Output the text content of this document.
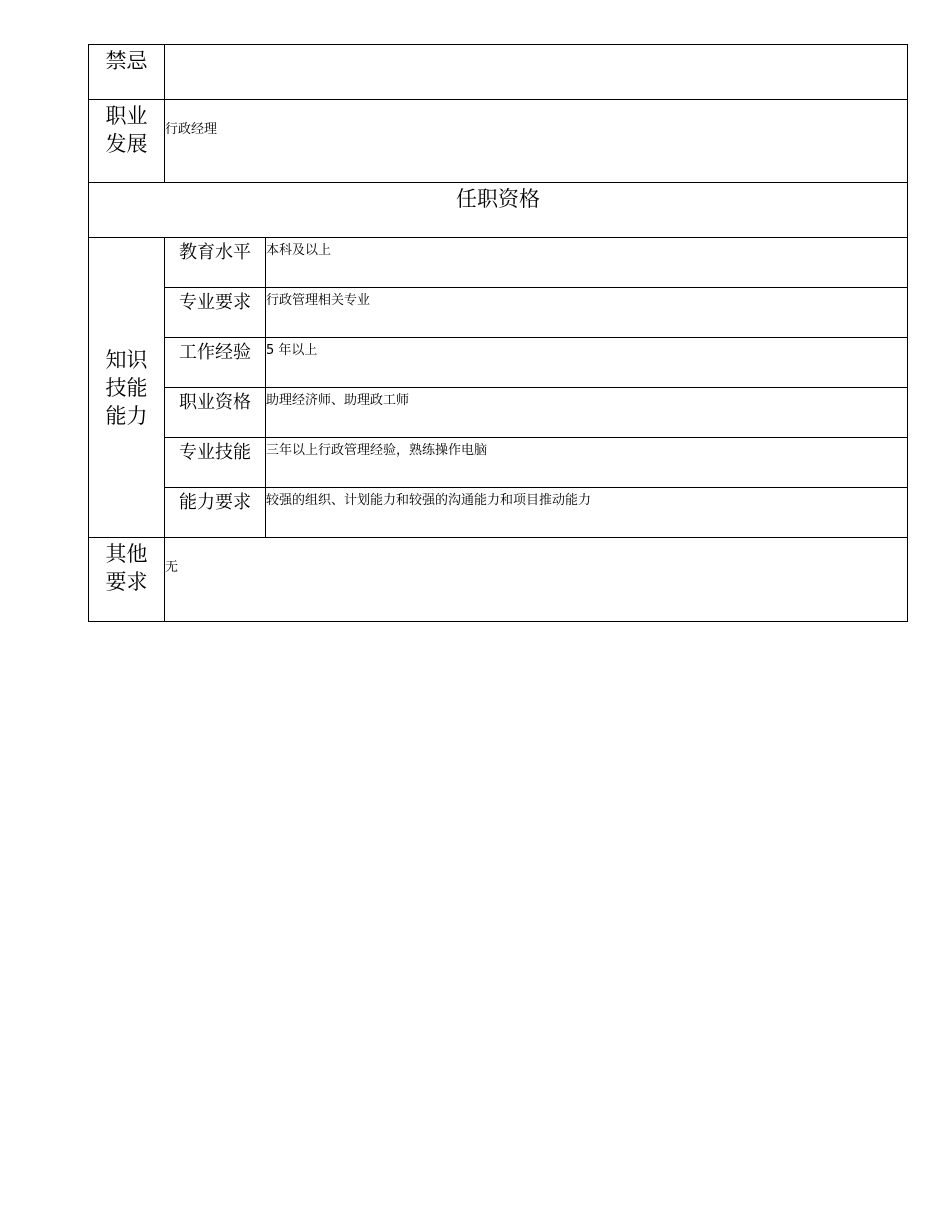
禁忌		

职业
发展	行政经理	
任职资格		

知识
技能
能力	教育水平	本科及以上
	专业要求	行政管理相关专业
	工作经验	5 年以上
	职业资格	助理经济师、助理政工师
	专业技能	三年以上行政管理经验，熟练操作电脑
	能力要求	较强的组织、计划能力和较强的沟通能力和项目推动能力

其他
要求	无	
